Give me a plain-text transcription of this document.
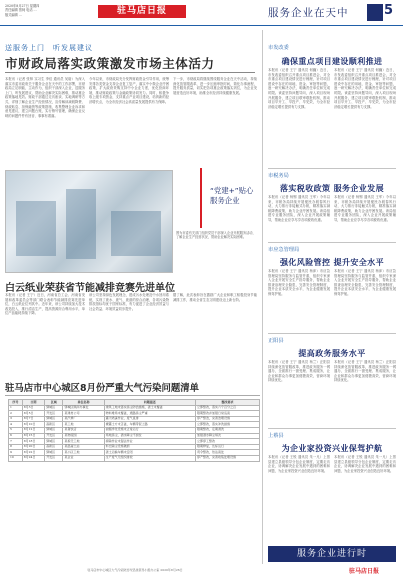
2020年8月27日 星期四
责任编辑 蔡柯 电话 ...
版式编辑 ...	驻马店日报	服务企业在天中	5
送服务上门　听发展建议
市财政局落实政策激发市场主体活力
本报讯（记者 张帅 实习生 李佳 通讯员 吴晗）为深入落实市委市政府关于服务企业在天中的工作部署，市财政局立足职能，主动作为，组织干部深入企业，送服务上门，听发展建议，帮助企业解决实际困难，推动惠企政策落地见效。财政干部通过走访座谈、实地调研等方式，详细了解企业生产经营情况，宣传解读减税降费、财政贴息、担保融资等政策措施，收集整理企业诉求和意见建议，建立问题台账，实行销号管理，确保企业反映的问题件件有回音、事事有着落。
今年以来，市财政局充分发挥财政资金引导作用，统筹安排各类资金支持企业复工复产，落实中小微企业纾困政策，扩大政府采购支持中小企业力度，优化营商环境，推动财政政策与金融政策协同发力。同时，积极争取上级专项资金，支持重点产业项目建设，培育新的经济增长点，为全市经济社会高质量发展提供有力保障。
下一步，市财政局将继续围绕服务企业在天中活动，持续深化放管服改革，进一步压缩审批时间，简化办事流程，提升服务质量，切实把各项惠企政策落实到位，为企业发展营造良好环境，助推全市经济持续健康发展。
“党建+”贴心服务企业
图为市委有关部门组织党员干部深入企业开展服务活动，了解企业生产经营状况，帮助企业解决实际困难。
白云纸业荣获省节能减排竞赛先进单位
本报讯（记者 王宁）近日，河南省总工会、河南省发展和改革委员会等部门联合表彰节能减排竞赛先进单位，白云纸业位列其中。近年来，该公司持续加大技术改造投入，推行清洁生产，提高资源综合利用水平，单位产品能耗持续下降。
该公司坚持绿色发展理念，建成污水处理及中水回用系统，实现了废水、废气、废渣的综合治理，各项污染物排放指标均优于国家标准，有力促进了企业经济效益与社会效益、环境效益同步提升。
据了解，此次表彰旨在激励广大企业和职工积极投身节能减排工作，推动全省生态文明建设迈上新台阶。
驻马店市中心城区8月份严重大气污染问题清单
序号	日期	区域	单位名称	问题描述	整改要求
1	8月3日	驿城区	驿城区顺河办事处	建筑工地未落实扬尘防治措施，渣土未覆盖	立即整改，落实六个百分之百
2	8月5日	开发区	某建材公司	物料堆场未覆盖，道路扬尘严重	限期整改并加强日常巡查
3	8月7日	驿城区	某汽修厂	露天喷漆作业，废气直排	停产整治，完善治理设施
4	8月10日	高新区	某工地	裸露土方未苫盖，车辆带泥上路	立即整改，落实冲洗措施
5	8月12日	驿城区	某餐饮店	油烟净化设施未正常运行	限期整改，定期清洗
6	8月15日	开发区	某物流园	场地扬尘，洒水降尘不到位	加强洒水降尘频次
7	8月18日	驿城区	某拆迁工地	拆除作业未湿法作业	立即停工整改
8	8月20日	高新区	某混凝土站	料仓除尘设施破损	限期修复，达标运行
9	8月22日	驿城区	某小区工地	渣土运输车辆未密闭	责令整改，依法查处
10	8月24日	开发区	某企业	生产废气无组织排放	停产整改，完善收集处理设施
驻马店市中心城区大气污染防治攻坚战领导小组办公室 2020年8月26日
市发改委
确保重点项目建设顺利推进
本报讯（记者 王宁 通讯员 何巍）近日，市发改委组织召开重点项目推进会，对全市重点项目建设情况进行梳理，针对项目建设中存在的用地、资金、审批等问题，逐一研究解决办法，明确责任单位和完成时限。该委坚持问题导向，深入项目现场开展服务，建立项目联审联批机制，推动项目早开工、早投产、早见效，为全市经济稳定增长提供有力支撑。
本报讯（记者 王宁 通讯员 何巍）近日，市发改委组织召开重点项目推进会，对全市重点项目建设情况进行梳理，针对项目建设中存在的用地、资金、审批等问题，逐一研究解决办法，明确责任单位和完成时限。该委坚持问题导向，深入项目现场开展服务，建立项目联审联批机制，推动项目早开工、早投产、早见效，为全市经济稳定增长提供有力支撑。
市税务局
落实税收政策 服务企业发展
本报讯（记者 杨锡 通讯员 王军）今年以来，市税务局持续开展便民办税春风行动，大力推行非接触式办税，精准落实减税降费政策，助力企业纾困发展。该局组建专业服务团队，深入企业开展政策辅导，帮助企业应享尽享各项税收优惠。
本报讯（记者 杨锡 通讯员 王军）今年以来，市税务局持续开展便民办税春风行动，大力推行非接触式办税，精准落实减税降费政策，助力企业纾困发展。该局组建专业服务团队，深入企业开展政策辅导，帮助企业应享尽享各项税收优惠。
市应急管理局
强化风险管控 提升安全水平
本报讯（记者 王宁 通讯员 杨沛）市应急管理局坚持服务与监管并重，组织专家深入企业开展安全生产指导服务，帮助企业排查治理安全隐患，完善安全管理制度，提升企业本质安全水平，为企业健康发展保驾护航。
本报讯（记者 王宁 通讯员 杨沛）市应急管理局坚持服务与监管并重，组织专家深入企业开展安全生产指导服务，帮助企业排查治理安全隐患，完善安全管理制度，提升企业本质安全水平，为企业健康发展保驾护航。
正阳县
提高政务服务水平
本报讯（记者 王宁 通讯员 杨兰）正阳县持续深化放管服改革，推进政务服务一网通办，全面推行一窗受理、集成服务，让企业和群众办事更加便捷高效，营商环境持续优化。
本报讯（记者 王宁 通讯员 杨兰）正阳县持续深化放管服改革，推进政务服务一网通办，全面推行一窗受理、集成服务，让企业和群众办事更加便捷高效，营商环境持续优化。
上蔡县
为企业家投资兴业保驾护航
本报讯（记者 王锐 通讯员 朱一凡）上蔡县建立县级领导分包企业制度，定期走访企业，协调解决企业发展中遇到的困难和问题，为企业家投资兴业创造良好环境。
本报讯（记者 王锐 通讯员 朱一凡）上蔡县建立县级领导分包企业制度，定期走访企业，协调解决企业发展中遇到的困难和问题，为企业家投资兴业创造良好环境。
服务企业进行时
驻马店日报
